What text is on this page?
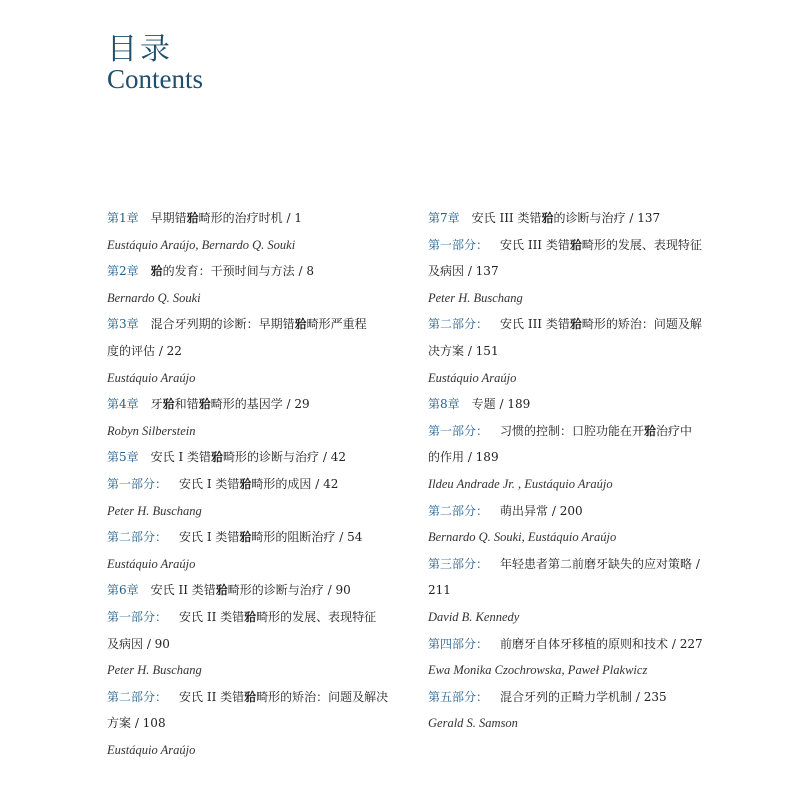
目录
Contents
第1章 早期错𬌗畸形的治疗时机 / 1
Eustáquio Araújo, Bernardo Q. Souki
第2章 𬌗的发育：干预时间与方法 / 8
Bernardo Q. Souki
第3章 混合牙列期的诊断：早期错𬌗畸形严重程
度的评估 / 22
Eustáquio Araújo
第4章 牙𬌗和错𬌗畸形的基因学 / 29
Robyn Silberstein
第5章 安氏 I 类错𬌗畸形的诊断与治疗 / 42
第一部分： 安氏 I 类错𬌗畸形的成因 / 42
Peter H. Buschang
第二部分： 安氏 I 类错𬌗畸形的阻断治疗 / 54
Eustáquio Araújo
第6章 安氏 II 类错𬌗畸形的诊断与治疗 / 90
第一部分： 安氏 II 类错𬌗畸形的发展、表现特征
及病因 / 90
Peter H. Buschang
第二部分： 安氏 II 类错𬌗畸形的矫治：问题及解决
方案 / 108
Eustáquio Araújo
第7章 安氏 III 类错𬌗的诊断与治疗 / 137
第一部分： 安氏 III 类错𬌗畸形的发展、表现特征
及病因 / 137
Peter H. Buschang
第二部分： 安氏 III 类错𬌗畸形的矫治：问题及解
决方案 / 151
Eustáquio Araújo
第8章 专题 / 189
第一部分： 习惯的控制：口腔功能在开𬌗治疗中
的作用 / 189
Ildeu Andrade Jr. , Eustáquio Araújo
第二部分： 萌出异常 / 200
Bernardo Q. Souki, Eustáquio Araújo
第三部分： 年轻患者第二前磨牙缺失的应对策略 /
211
David B. Kennedy
第四部分： 前磨牙自体牙移植的原则和技术 / 227
Ewa Monika Czochrowska, Paweł Plakwicz
第五部分： 混合牙列的正畸力学机制 / 235
Gerald S. Samson
